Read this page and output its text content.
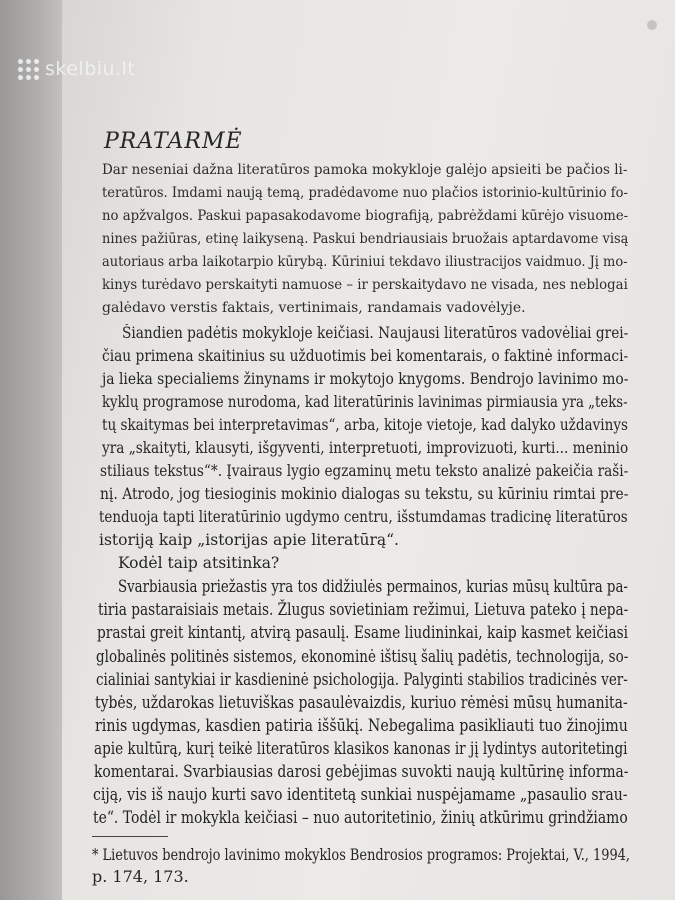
skelbiu.lt
PRATARMĖ

Dar neseniai dažna literatūros pamoka mokykloje galėjo apsieiti be pačios li-

teratūros. Imdami naują temą, pradėdavome nuo plačios istorinio-kultūrinio fo-

no apžvalgos. Paskui papasakodavome biografiją, pabrėždami kūrėjo visuome-

nines pažiūras, etinę laikyseną. Paskui bendriausiais bruožais aptardavome visą

autoriaus arba laikotarpio kūrybą. Kūriniui tekdavo iliustracijos vaidmuo. Jį mo-

kinys turėdavo perskaityti namuose – ir perskaitydavo ne visada, nes neblogai

galėdavo verstis faktais, vertinimais, randamais vadovėlyje.

Šiandien padėtis mokykloje keičiasi. Naujausi literatūros vadovėliai grei-

čiau primena skaitinius su užduotimis bei komentarais, o faktinė informaci-

ja lieka specialiems žinynams ir mokytojo knygoms. Bendrojo lavinimo mo-

kyklų programose nurodoma, kad literatūrinis lavinimas pirmiausia yra „teks-

tų skaitymas bei interpretavimas“, arba, kitoje vietoje, kad dalyko uždavinys

yra „skaityti, klausyti, išgyventi, interpretuoti, improvizuoti, kurti... meninio

stiliaus tekstus“*. Įvairaus lygio egzaminų metu teksto analizė pakeičia raši-

nį. Atrodo, jog tiesioginis mokinio dialogas su tekstu, su kūriniu rimtai pre-

tenduoja tapti literatūrinio ugdymo centru, išstumdamas tradicinę literatūros

istoriją kaip „istorijas apie literatūrą“.

Kodėl taip atsitinka?

Svarbiausia priežastis yra tos didžiulės permainos, kurias mūsų kultūra pa-

tiria pastaraisiais metais. Žlugus sovietiniam režimui, Lietuva pateko į nepa-

prastai greit kintantį, atvirą pasaulį. Esame liudininkai, kaip kasmet keičiasi

globalinės politinės sistemos, ekonominė ištisų šalių padėtis, technologija, so-

cialiniai santykiai ir kasdieninė psichologija. Palyginti stabilios tradicinės ver-

tybės, uždarokas lietuviškas pasaulėvaizdis, kuriuo rėmėsi mūsų humanita-

rinis ugdymas, kasdien patiria iššūkį. Nebegalima pasikliauti tuo žinojimu

apie kultūrą, kurį teikė literatūros klasikos kanonas ir jį lydintys autoritetingi

komentarai. Svarbiausias darosi gebėjimas suvokti naują kultūrinę informa-

ciją, vis iš naujo kurti savo identitetą sunkiai nuspėjamame „pasaulio srau-

te“. Todėl ir mokykla keičiasi – nuo autoritetinio, žinių atkūrimu grindžiamo

* Lietuvos bendrojo lavinimo mokyklos Bendrosios programos: Projektai, V., 1994,

p. 174, 173.
